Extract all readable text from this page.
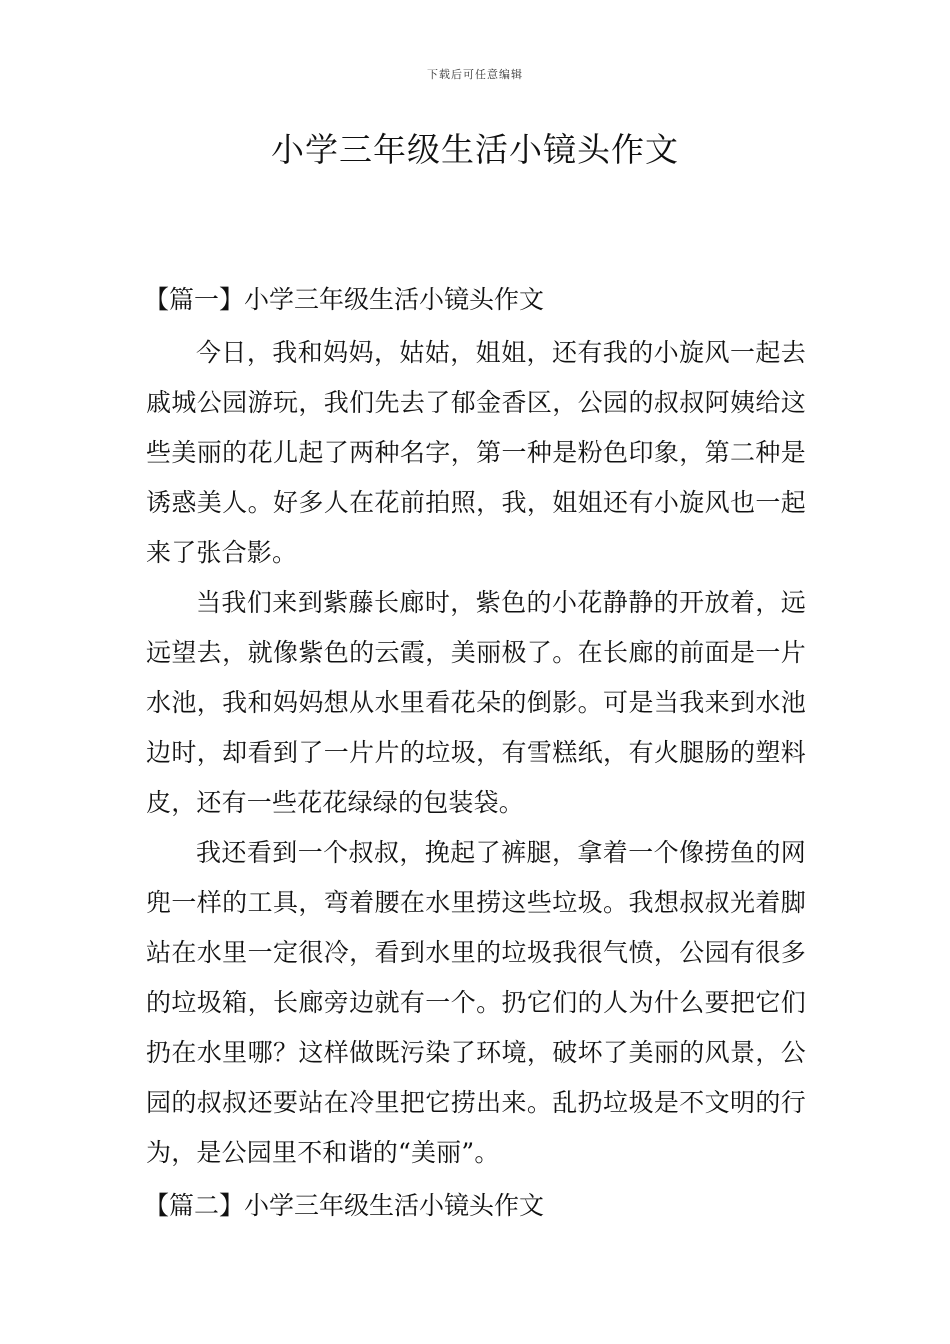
下载后可任意编辑
小学三年级生活小镜头作文
【篇一】小学三年级生活小镜头作文

今日，我和妈妈，姑姑，姐姐，还有我的小旋风一起去戚城公园游玩，我们先去了郁金香区，公园的叔叔阿姨给这些美丽的花儿起了两种名字，第一种是粉色印象，第二种是诱惑美人。好多人在花前拍照，我，姐姐还有小旋风也一起来了张合影。

当我们来到紫藤长廊时，紫色的小花静静的开放着，远远望去，就像紫色的云霞，美丽极了。在长廊的前面是一片水池，我和妈妈想从水里看花朵的倒影。可是当我来到水池边时，却看到了一片片的垃圾，有雪糕纸，有火腿肠的塑料皮，还有一些花花绿绿的包装袋。

我还看到一个叔叔，挽起了裤腿，拿着一个像捞鱼的网兜一样的工具，弯着腰在水里捞这些垃圾。我想叔叔光着脚站在水里一定很冷，看到水里的垃圾我很气愤，公园有很多的垃圾箱，长廊旁边就有一个。扔它们的人为什么要把它们扔在水里哪？这样做既污染了环境，破坏了美丽的风景，公园的叔叔还要站在冷里把它捞出来。乱扔垃圾是不文明的行为，是公园里不和谐的“美丽”。

【篇二】小学三年级生活小镜头作文
